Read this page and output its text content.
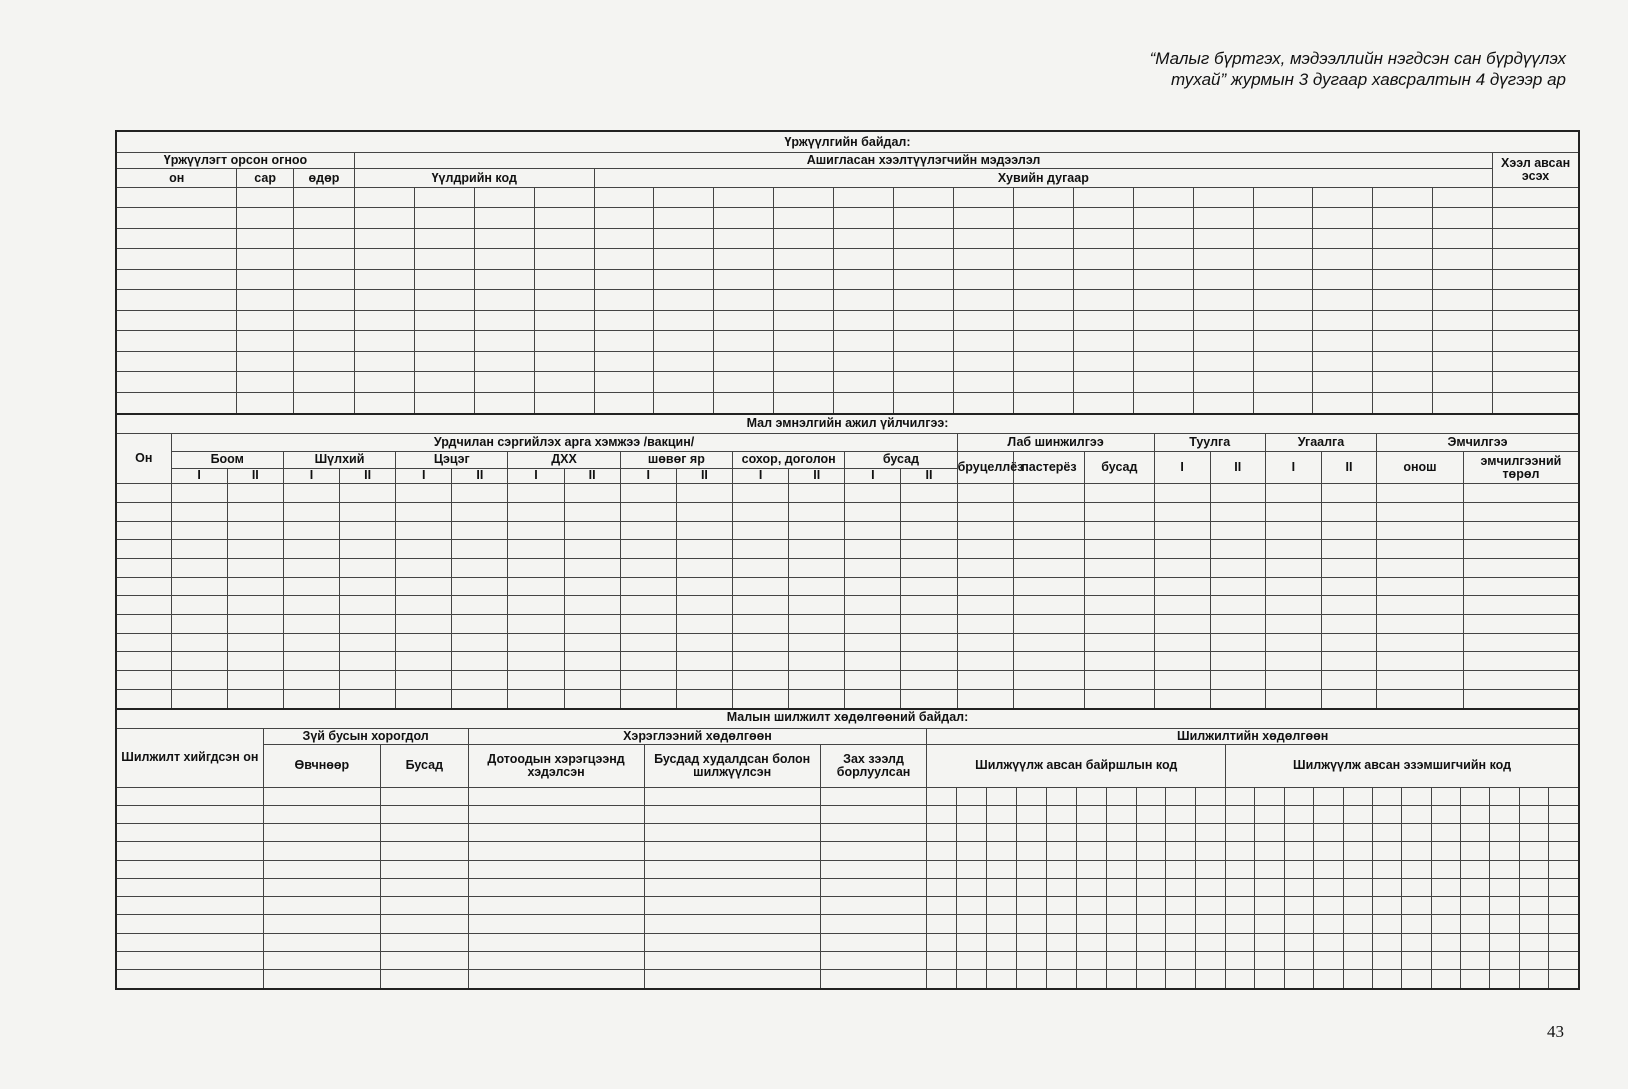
“Малыг бүртгэх, мэдээллийн нэгдсэн сан бүрдүүлэх
тухай” журмын 3 дугаар хавсралтын 4 дүгээр ар
Үржүүлгийн байдал:																						
Үржүүлэгт орсон огноо			Ашигласан хээлтүүлэгчийн мэдээлэл																			Хээл авсан эсэх
он	сар	өдөр	Үүлдрийн код				Хувийн дугаар															

Мал эмнэлгийн ажил үйлчилгээ:																							
Он	Урдчилан сэргийлэх арга хэмжээ /вакцин/														Лаб шинжилгээ			Туулга		Угаалга		Эмчилгээ	
	Боом		Шүлхий		Цэцэг		ДХХ		шөвөг яр		сохор, доголон		бусад		бруцеллёз	пастерёз	бусад	I	II	I	II	онош	эмчилгээний төрөл
	I	II	I	II	I	II	I	II	I	II	I	II	I	II									

Малын шилжилт хөдөлгөөний байдал:																											
Шилжилт хийгдсэн он	Зүй бусын хорогдол		Хэрэглээний хөдөлгөөн			Шилжилтийн хөдөлгөөн																					
	Өвчнөөр	Бусад	Дотоодын хэрэгцээнд хэдэлсэн	Бусдад худалдсан болон шилжүүлсэн	Зах зээлд борлуулсан	Шилжүүлж авсан байршлын код										Шилжүүлж авсан эзэмшигчийн код											

43
